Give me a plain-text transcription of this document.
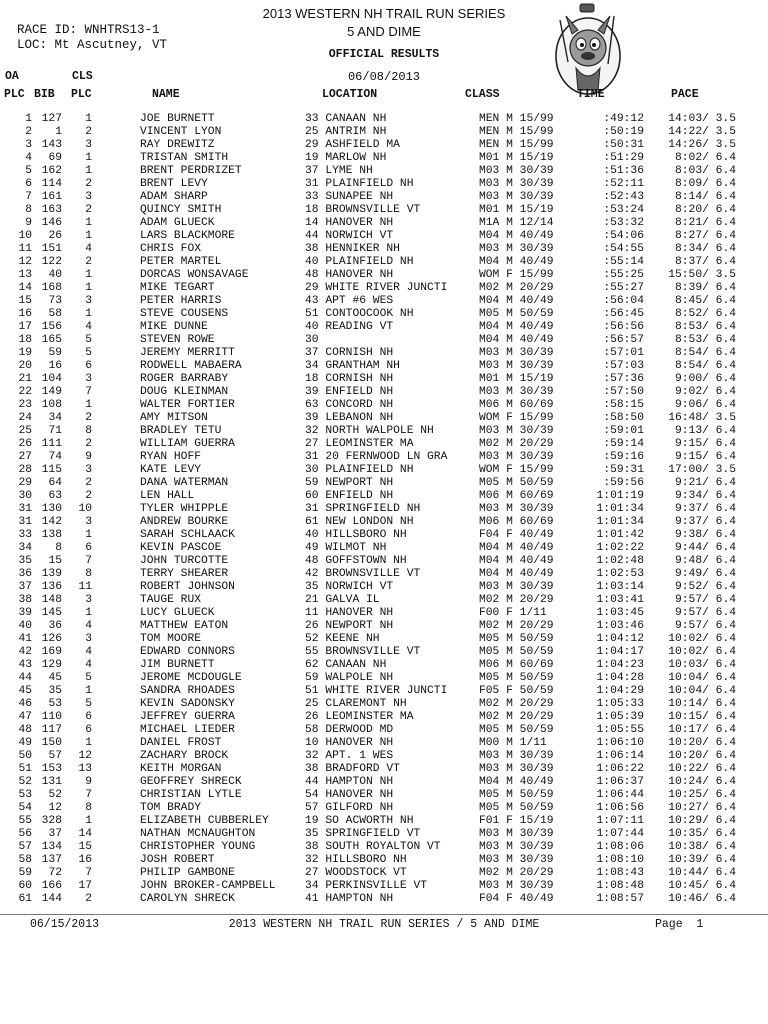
RACE ID: WNHTRS13-1
LOC: Mt Ascutney, VT
2013 WESTERN NH TRAIL RUN SERIES
5 AND DIME
OFFICIAL RESULTS
06/08/2013
OA	CLS
PLC BIB PLC	NAME	LOCATION	CLASS	TIME	PACE
1 127	1	JOE BURNETT	33 CANAAN NH	MEN M 15/99	:49:12	14:03/ 3.5
2	1	2	VINCENT LYON	25 ANTRIM NH	MEN M 15/99	:50:19	14:22/ 3.5
3 143	3	RAY DREWITZ	29 ASHFIELD MA	MEN M 15/99	:50:31	14:26/ 3.5
4	69	1	TRISTAN SMITH	19 MARLOW NH	M01 M 15/19	:51:29	8:02/ 6.4
5 162	1	BRENT PERDRIZET	37 LYME NH	M03 M 30/39	:51:36	8:03/ 6.4
6 114	2	BRENT LEVY	31 PLAINFIELD NH	M03 M 30/39	:52:11	8:09/ 6.4
7 161	3	ADAM SHARP	33 SUNAPEE NH	M03 M 30/39	:52:43	8:14/ 6.4
8 163	2	QUINCY SMITH	18 BROWNSVILLE VT	M01 M 15/19	:53:24	8:20/ 6.4
9 146	1	ADAM GLUECK	14 HANOVER NH	M1A M 12/14	:53:32	8:21/ 6.4
10	26	1	LARS BLACKMORE	44 NORWICH VT	M04 M 40/49	:54:06	8:27/ 6.4
11 151	4	CHRIS FOX	38 HENNIKER NH	M03 M 30/39	:54:55	8:34/ 6.4
12 122	2	PETER MARTEL	40 PLAINFIELD NH	M04 M 40/49	:55:14	8:37/ 6.4
13	40	1	DORCAS WONSAVAGE	48 HANOVER NH	WOM F 15/99	:55:25	15:50/ 3.5
14 168	1	MIKE TEGART	29 WHITE RIVER JUNCTI	M02 M 20/29	:55:27	8:39/ 6.4
15	73	3	PETER HARRIS	43 APT #6 WES	M04 M 40/49	:56:04	8:45/ 6.4
16	58	1	STEVE COUSENS	51 CONTOOCOOK NH	M05 M 50/59	:56:45	8:52/ 6.4
17 156	4	MIKE DUNNE	40 READING VT	M04 M 40/49	:56:56	8:53/ 6.4
18 165	5	STEVEN ROWE	30	M04 M 40/49	:56:57	8:53/ 6.4
19	59	5	JEREMY MERRITT	37 CORNISH NH	M03 M 30/39	:57:01	8:54/ 6.4
20	16	6	RODWELL MABAERA	34 GRANTHAM NH	M03 M 30/39	:57:03	8:54/ 6.4
21 104	3	ROGER BARRABY	18 CORNISH NH	M01 M 15/19	:57:36	9:00/ 6.4
22 149	7	DOUG KLEINMAN	39 ENFIELD NH	M03 M 30/39	:57:50	9:02/ 6.4
23 108	1	WALTER FORTIER	63 CONCORD NH	M06 M 60/69	:58:15	9:06/ 6.4
24	34	2	AMY MITSON	39 LEBANON NH	WOM F 15/99	:58:50	16:48/ 3.5
25	71	8	BRADLEY TETU	32 NORTH WALPOLE NH	M03 M 30/39	:59:01	9:13/ 6.4
26 111	2	WILLIAM GUERRA	27 LEOMINSTER MA	M02 M 20/29	:59:14	9:15/ 6.4
27	74	9	RYAN HOFF	31 20 FERNWOOD LN GRA	M03 M 30/39	:59:16	9:15/ 6.4
28 115	3	KATE LEVY	30 PLAINFIELD NH	WOM F 15/99	:59:31	17:00/ 3.5
29	64	2	DANA WATERMAN	59 NEWPORT NH	M05 M 50/59	:59:56	9:21/ 6.4
30	63	2	LEN HALL	60 ENFIELD NH	M06 M 60/69	1:01:19	9:34/ 6.4
31 130	10	TYLER WHIPPLE	31 SPRINGFIELD NH	M03 M 30/39	1:01:34	9:37/ 6.4
31 142	3	ANDREW BOURKE	61 NEW LONDON NH	M06 M 60/69	1:01:34	9:37/ 6.4
33 138	1	SARAH SCHLAACK	40 HILLSBORO NH	F04 F 40/49	1:01:42	9:38/ 6.4
34	8	6	KEVIN PASCOE	49 WILMOT NH	M04 M 40/49	1:02:22	9:44/ 6.4
35	15	7	JOHN TURCOTTE	48 GOFFSTOWN NH	M04 M 40/49	1:02:48	9:48/ 6.4
36 139	8	TERRY SHEARER	42 BROWNSVILLE VT	M04 M 40/49	1:02:53	9:49/ 6.4
37 136	11	ROBERT JOHNSON	35 NORWICH VT	M03 M 30/39	1:03:14	9:52/ 6.4
38 148	3	TAUGE RUX	21 GALVA IL	M02 M 20/29	1:03:41	9:57/ 6.4
39 145	1	LUCY GLUECK	11 HANOVER NH	F00 F 1/11	1:03:45	9:57/ 6.4
40	36	4	MATTHEW EATON	26 NEWPORT NH	M02 M 20/29	1:03:46	9:57/ 6.4
41 126	3	TOM MOORE	52 KEENE NH	M05 M 50/59	1:04:12	10:02/ 6.4
42 169	4	EDWARD CONNORS	55 BROWNSVILLE VT	M05 M 50/59	1:04:17	10:02/ 6.4
43 129	4	JIM BURNETT	62 CANAAN NH	M06 M 60/69	1:04:23	10:03/ 6.4
44	45	5	JEROME MCDOUGLE	59 WALPOLE NH	M05 M 50/59	1:04:28	10:04/ 6.4
45	35	1	SANDRA RHOADES	51 WHITE RIVER JUNCTI	F05 F 50/59	1:04:29	10:04/ 6.4
46	53	5	KEVIN SADONSKY	25 CLAREMONT NH	M02 M 20/29	1:05:33	10:14/ 6.4
47 110	6	JEFFREY GUERRA	26 LEOMINSTER MA	M02 M 20/29	1:05:39	10:15/ 6.4
48 117	6	MICHAEL LIEDER	58 DERWOOD MD	M05 M 50/59	1:05:55	10:17/ 6.4
49 150	1	DANIEL FROST	10 HANOVER NH	M00 M 1/11	1:06:10	10:20/ 6.4
50	57	12	ZACHARY BROCK	32 APT. 1 WES	M03 M 30/39	1:06:14	10:20/ 6.4
51 153	13	KEITH MORGAN	38 BRADFORD VT	M03 M 30/39	1:06:22	10:22/ 6.4
52 131	9	GEOFFREY SHRECK	44 HAMPTON NH	M04 M 40/49	1:06:37	10:24/ 6.4
53	52	7	CHRISTIAN LYTLE	54 HANOVER NH	M05 M 50/59	1:06:44	10:25/ 6.4
54	12	8	TOM BRADY	57 GILFORD NH	M05 M 50/59	1:06:56	10:27/ 6.4
55 328	1	ELIZABETH CUBBERLEY	19 SO ACWORTH NH	F01 F 15/19	1:07:11	10:29/ 6.4
56	37	14	NATHAN MCNAUGHTON	35 SPRINGFIELD VT	M03 M 30/39	1:07:44	10:35/ 6.4
57 134	15	CHRISTOPHER YOUNG	38 SOUTH ROYALTON VT	M03 M 30/39	1:08:06	10:38/ 6.4
58 137	16	JOSH ROBERT	32 HILLSBORO NH	M03 M 30/39	1:08:10	10:39/ 6.4
59	72	7	PHILIP GAMBONE	27 WOODSTOCK VT	M02 M 20/29	1:08:43	10:44/ 6.4
60 166	17	JOHN BROKER-CAMPBELL	34 PERKINSVILLE VT	M03 M 30/39	1:08:48	10:45/ 6.4
61 144	2	CAROLYN SHRECK	41 HAMPTON NH	F04 F 40/49	1:08:57	10:46/ 6.4
06/15/2013	2013 WESTERN NH TRAIL RUN SERIES / 5 AND DIME	Page 1
